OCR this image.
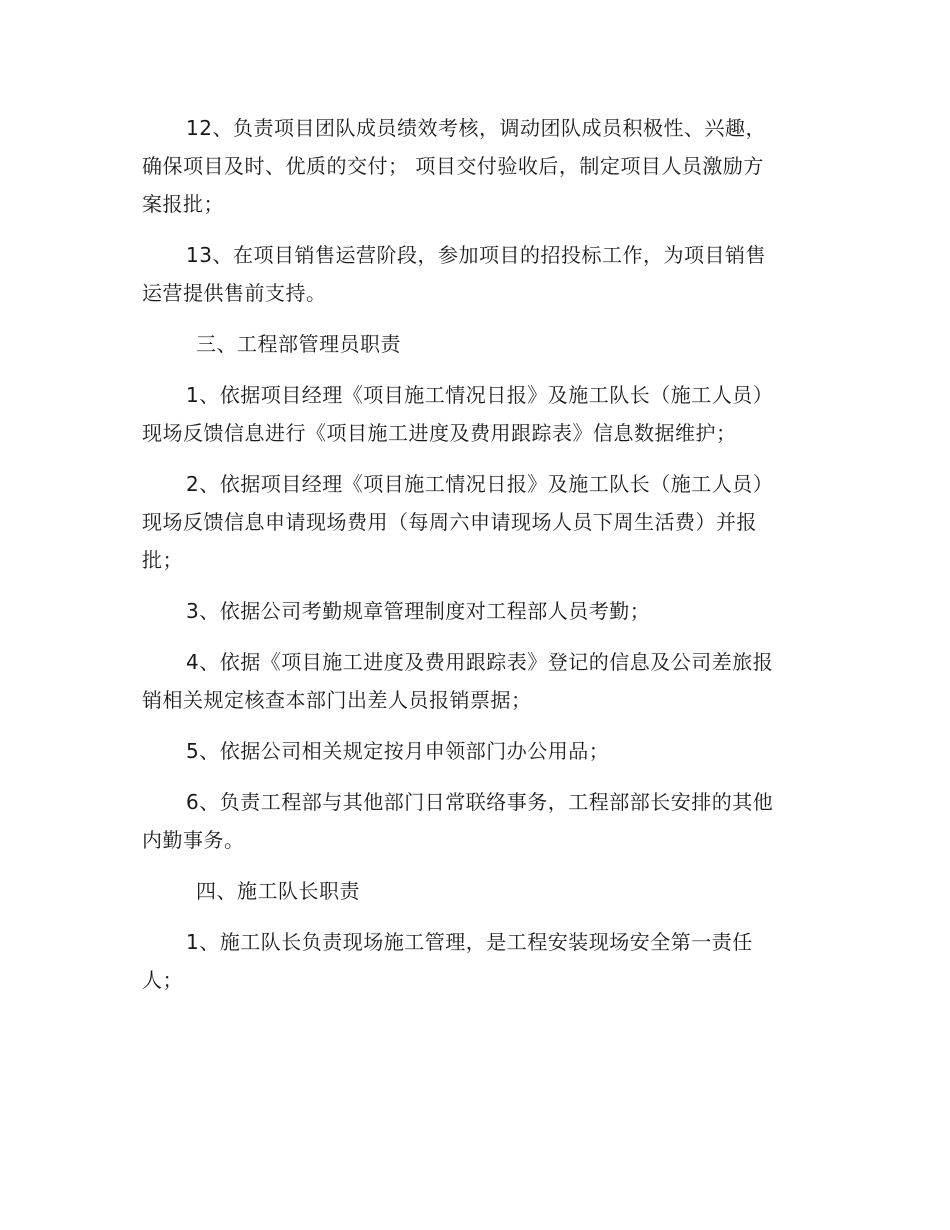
12、负责项目团队成员绩效考核，调动团队成员积极性、兴趣，
确保项目及时、优质的交付； 项目交付验收后，制定项目人员激励方
案报批；
13、在项目销售运营阶段，参加项目的招投标工作，为项目销售
运营提供售前支持。
三、工程部管理员职责
1、依据项目经理《项目施工情况日报》及施工队长（施工人员）
现场反馈信息进行《项目施工进度及费用跟踪表》信息数据维护；
2、依据项目经理《项目施工情况日报》及施工队长（施工人员）
现场反馈信息申请现场费用（每周六申请现场人员下周生活费）并报
批；
3、依据公司考勤规章管理制度对工程部人员考勤；
4、依据《项目施工进度及费用跟踪表》登记的信息及公司差旅报
销相关规定核查本部门出差人员报销票据；
5、依据公司相关规定按月申领部门办公用品；
6、负责工程部与其他部门日常联络事务，工程部部长安排的其他
内勤事务。
四、施工队长职责
1、施工队长负责现场施工管理，是工程安装现场安全第一责任
人；
